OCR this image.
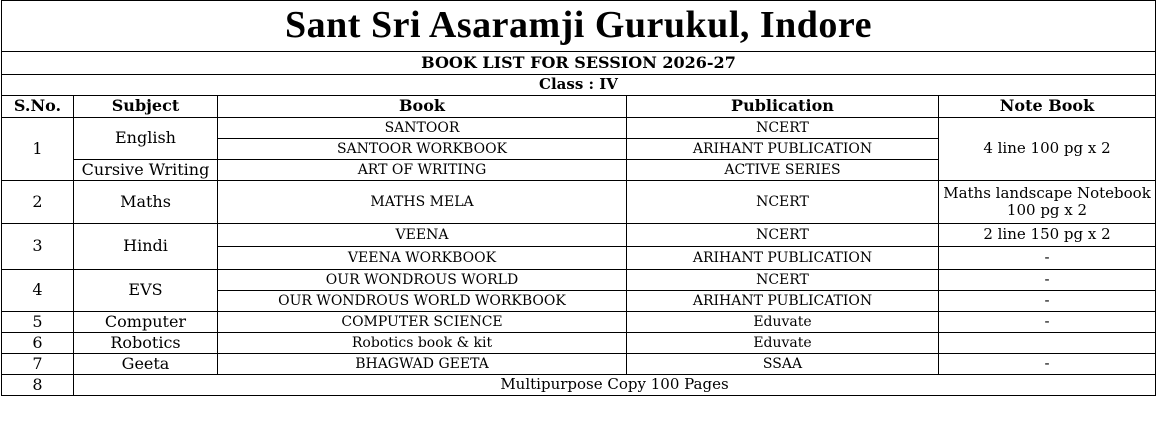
Sant Sri Asaramji Gurukul, Indore				
BOOK LIST FOR SESSION 2026-27				
Class : IV				
S.No.	Subject	Book	Publication	Note Book
1	English	SANTOOR	NCERT	4 line 100 pg x 2
		SANTOOR WORKBOOK	ARIHANT PUBLICATION	
	Cursive Writing	ART OF WRITING	ACTIVE SERIES	
2	Maths	MATHS MELA	NCERT	Maths landscape Notebook 100 pg x 2
3	Hindi	VEENA	NCERT	2 line 150 pg x 2
		VEENA WORKBOOK	ARIHANT PUBLICATION	-
4	EVS	OUR WONDROUS WORLD	NCERT	-
		OUR WONDROUS WORLD WORKBOOK	ARIHANT PUBLICATION	-
5	Computer	COMPUTER SCIENCE	Eduvate	-
6	Robotics	Robotics book & kit	Eduvate	
7	Geeta	BHAGWAD GEETA	SSAA	-
8	Multipurpose Copy 100 Pages			
